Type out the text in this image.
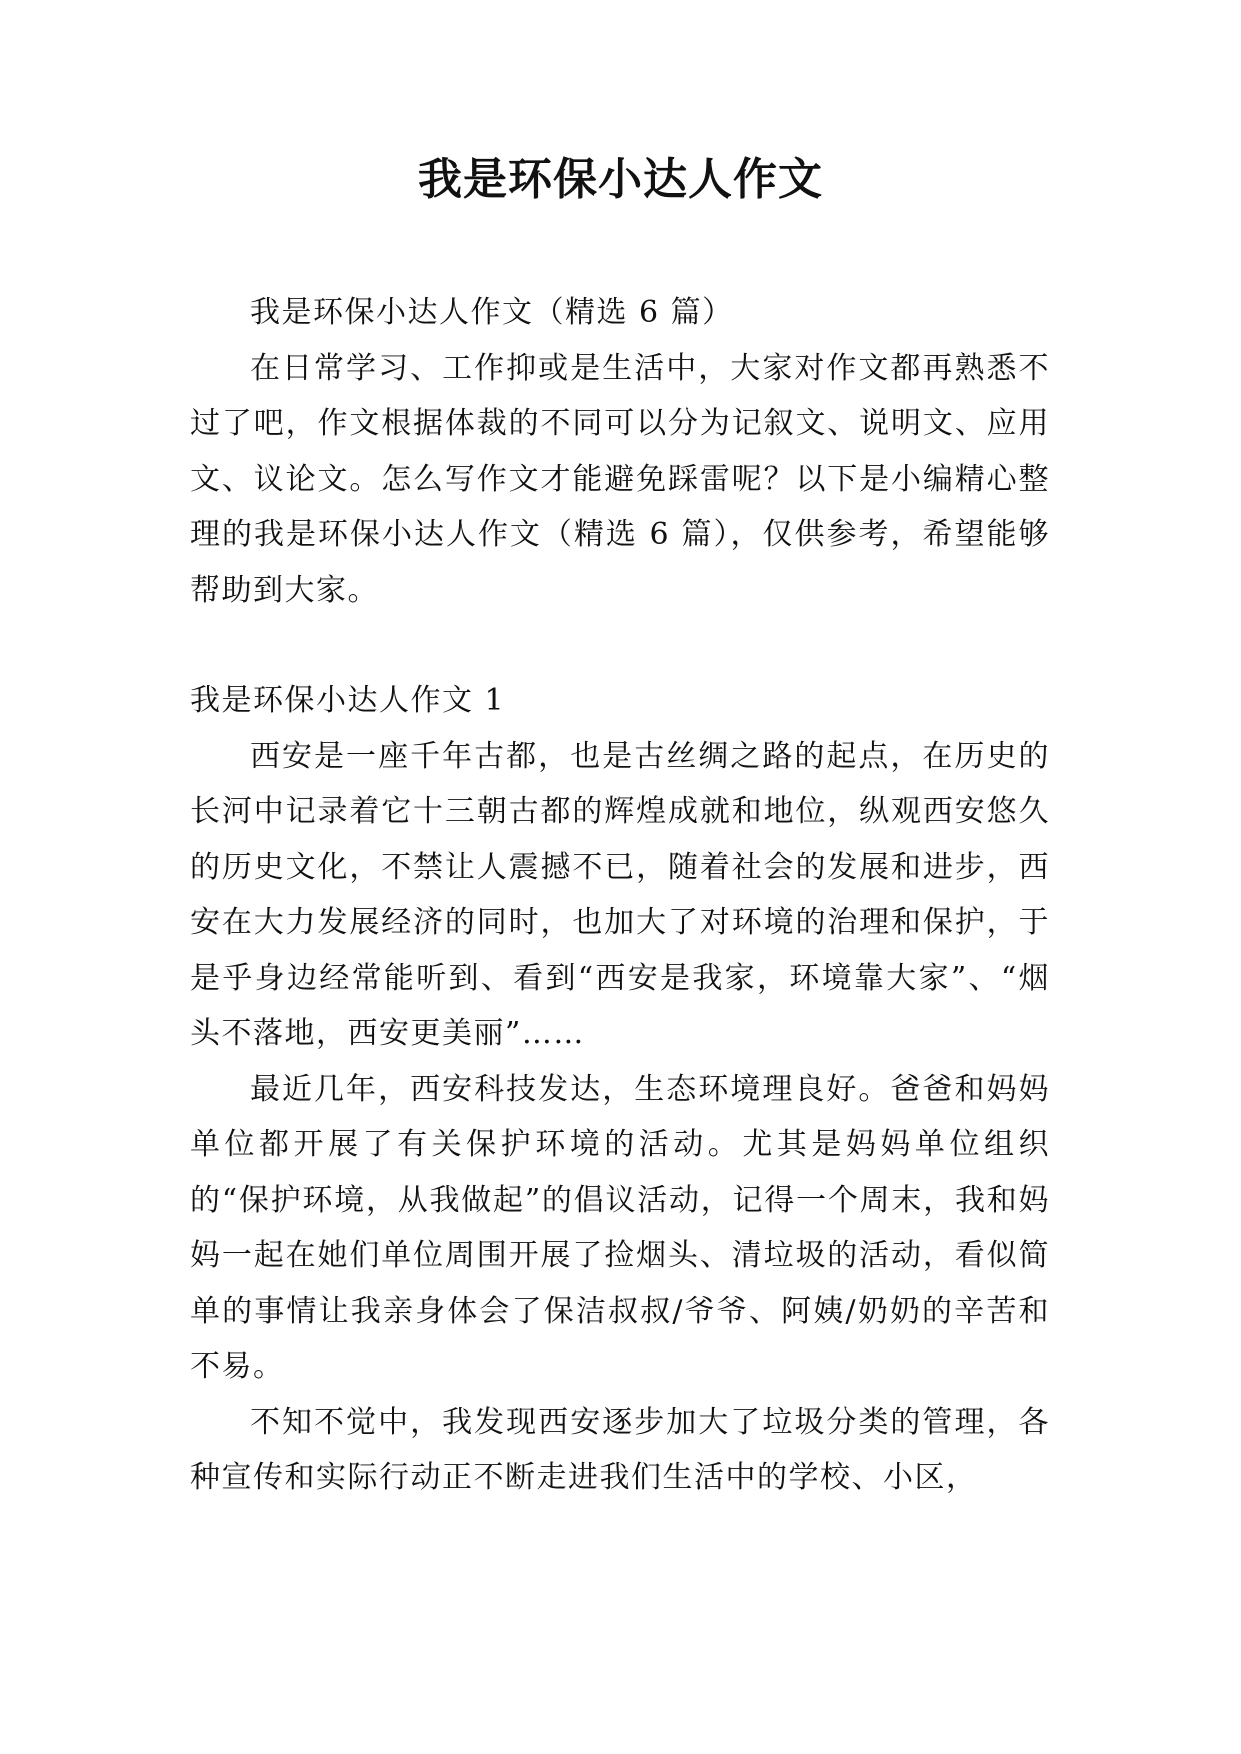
我是环保小达人作文

我是环保小达人作文（精选 6 篇）

在日常学习、工作抑或是生活中，大家对作文都再熟悉不过了吧，作文根据体裁的不同可以分为记叙文、说明文、应用文、议论文。怎么写作文才能避免踩雷呢？以下是小编精心整理的我是环保小达人作文（精选 6 篇），仅供参考，希望能够帮助到大家。

我是环保小达人作文 1

西安是一座千年古都，也是古丝绸之路的起点，在历史的长河中记录着它十三朝古都的辉煌成就和地位，纵观西安悠久的历史文化，不禁让人震撼不已，随着社会的发展和进步，西安在大力发展经济的同时，也加大了对环境的治理和保护，于是乎身边经常能听到、看到“西安是我家，环境靠大家”、“烟头不落地，西安更美丽”……

最近几年，西安科技发达，生态环境理良好。爸爸和妈妈单位都开展了有关保护环境的活动。尤其是妈妈单位组织的“保护环境，从我做起”的倡议活动，记得一个周末，我和妈妈一起在她们单位周围开展了捡烟头、清垃圾的活动，看似简单的事情让我亲身体会了保洁叔叔/爷爷、阿姨/奶奶的辛苦和不易。

不知不觉中，我发现西安逐步加大了垃圾分类的管理，各种宣传和实际行动正不断走进我们生活中的学校、小区，
